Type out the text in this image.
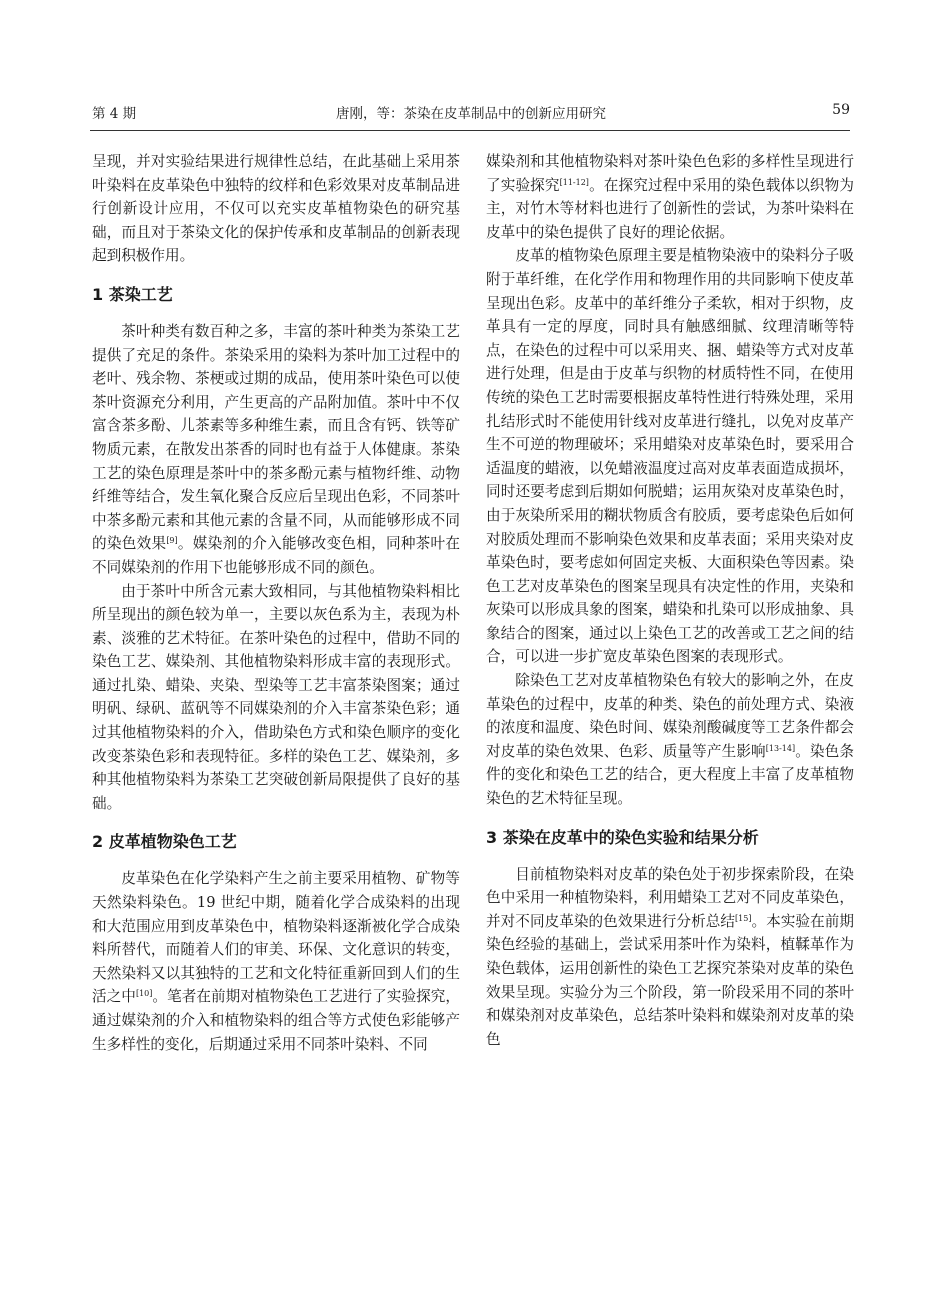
唐刚，等：茶染在皮革制品中的创新应用研究
第 4 期	59

呈现，并对实验结果进行规律性总结，在此基础上采用茶叶染料在皮革染色中独特的纹样和色彩效果对皮革制品进行创新设计应用，不仅可以充实皮革植物染色的研究基础，而且对于茶染文化的保护传承和皮革制品的创新表现起到积极作用。

1 茶染工艺

茶叶种类有数百种之多，丰富的茶叶种类为茶染工艺提供了充足的条件。茶染采用的染料为茶叶加工过程中的老叶、残余物、茶梗或过期的成品，使用茶叶染色可以使茶叶资源充分利用，产生更高的产品附加值。茶叶中不仅富含茶多酚、儿茶素等多种维生素，而且含有钙、铁等矿物质元素，在散发出茶香的同时也有益于人体健康。茶染工艺的染色原理是茶叶中的茶多酚元素与植物纤维、动物纤维等结合，发生氧化聚合反应后呈现出色彩，不同茶叶中茶多酚元素和其他元素的含量不同，从而能够形成不同的染色效果[9]。媒染剂的介入能够改变色相，同种茶叶在不同媒染剂的作用下也能够形成不同的颜色。

由于茶叶中所含元素大致相同，与其他植物染料相比所呈现出的颜色较为单一，主要以灰色系为主，表现为朴素、淡雅的艺术特征。在茶叶染色的过程中，借助不同的染色工艺、媒染剂、其他植物染料形成丰富的表现形式。通过扎染、蜡染、夹染、型染等工艺丰富茶染图案；通过明矾、绿矾、蓝矾等不同媒染剂的介入丰富茶染色彩；通过其他植物染料的介入，借助染色方式和染色顺序的变化改变茶染色彩和表现特征。多样的染色工艺、媒染剂，多种其他植物染料为茶染工艺突破创新局限提供了良好的基础。

2 皮革植物染色工艺

皮革染色在化学染料产生之前主要采用植物、矿物等天然染料染色。19 世纪中期，随着化学合成染料的出现和大范围应用到皮革染色中，植物染料逐渐被化学合成染料所替代，而随着人们的审美、环保、文化意识的转变，天然染料又以其独特的工艺和文化特征重新回到人们的生活之中[10]。笔者在前期对植物染色工艺进行了实验探究，通过媒染剂的介入和植物染料的组合等方式使色彩能够产生多样性的变化，后期通过采用不同茶叶染料、不同

媒染剂和其他植物染料对茶叶染色色彩的多样性呈现进行了实验探究[11-12]。在探究过程中采用的染色载体以织物为主，对竹木等材料也进行了创新性的尝试，为茶叶染料在皮革中的染色提供了良好的理论依据。

皮革的植物染色原理主要是植物染液中的染料分子吸附于革纤维，在化学作用和物理作用的共同影响下使皮革呈现出色彩。皮革中的革纤维分子柔软，相对于织物，皮革具有一定的厚度，同时具有触感细腻、纹理清晰等特点，在染色的过程中可以采用夹、捆、蜡染等方式对皮革进行处理，但是由于皮革与织物的材质特性不同，在使用传统的染色工艺时需要根据皮革特性进行特殊处理，采用扎结形式时不能使用针线对皮革进行缝扎，以免对皮革产生不可逆的物理破坏；采用蜡染对皮革染色时，要采用合适温度的蜡液，以免蜡液温度过高对皮革表面造成损坏，同时还要考虑到后期如何脱蜡；运用灰染对皮革染色时，由于灰染所采用的糊状物质含有胶质，要考虑染色后如何对胶质处理而不影响染色效果和皮革表面；采用夹染对皮革染色时，要考虑如何固定夹板、大面积染色等因素。染色工艺对皮革染色的图案呈现具有决定性的作用，夹染和灰染可以形成具象的图案，蜡染和扎染可以形成抽象、具象结合的图案，通过以上染色工艺的改善或工艺之间的结合，可以进一步扩宽皮革染色图案的表现形式。

除染色工艺对皮革植物染色有较大的影响之外，在皮革染色的过程中，皮革的种类、染色的前处理方式、染液的浓度和温度、染色时间、媒染剂酸碱度等工艺条件都会对皮革的染色效果、色彩、质量等产生影响[13-14]。染色条件的变化和染色工艺的结合，更大程度上丰富了皮革植物染色的艺术特征呈现。

3 茶染在皮革中的染色实验和结果分析

目前植物染料对皮革的染色处于初步探索阶段，在染色中采用一种植物染料，利用蜡染工艺对不同皮革染色，并对不同皮革染的色效果进行分析总结[15]。本实验在前期染色经验的基础上，尝试采用茶叶作为染料，植鞣革作为染色载体，运用创新性的染色工艺探究茶染对皮革的染色效果呈现。实验分为三个阶段，第一阶段采用不同的茶叶和媒染剂对皮革染色，总结茶叶染料和媒染剂对皮革的染色
